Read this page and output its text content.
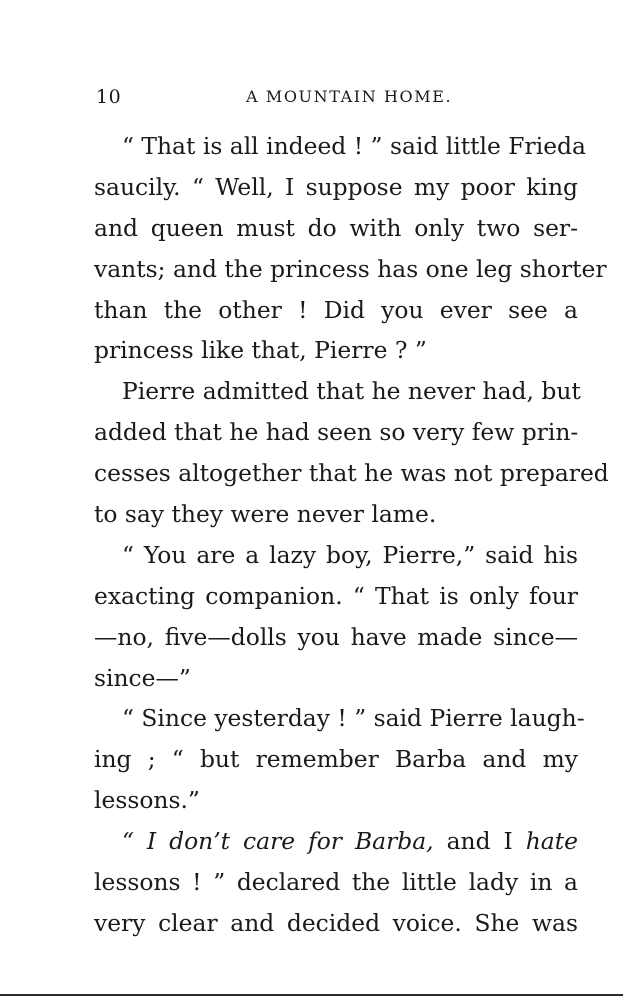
10	A MOUNTAIN HOME.
“ That is all indeed ! ” said little Frieda
saucily. “ Well, I suppose my poor king
and queen must do with only two ser-
vants; and the princess has one leg shorter
than the other ! Did you ever see a
princess like that, Pierre ? ”
Pierre admitted that he never had, but
added that he had seen so very few prin-
cesses altogether that he was not prepared
to say they were never lame.
“ You are a lazy boy, Pierre,” said his
exacting companion. “ That is only four
—no, five—dolls you have made since—
since—”
“ Since yesterday ! ” said Pierre laugh-
ing ; “ but remember Barba and my
lessons.”
“ I don’t care for Barba, and I hate
lessons ! ” declared the little lady in a
very clear and decided voice. She was
